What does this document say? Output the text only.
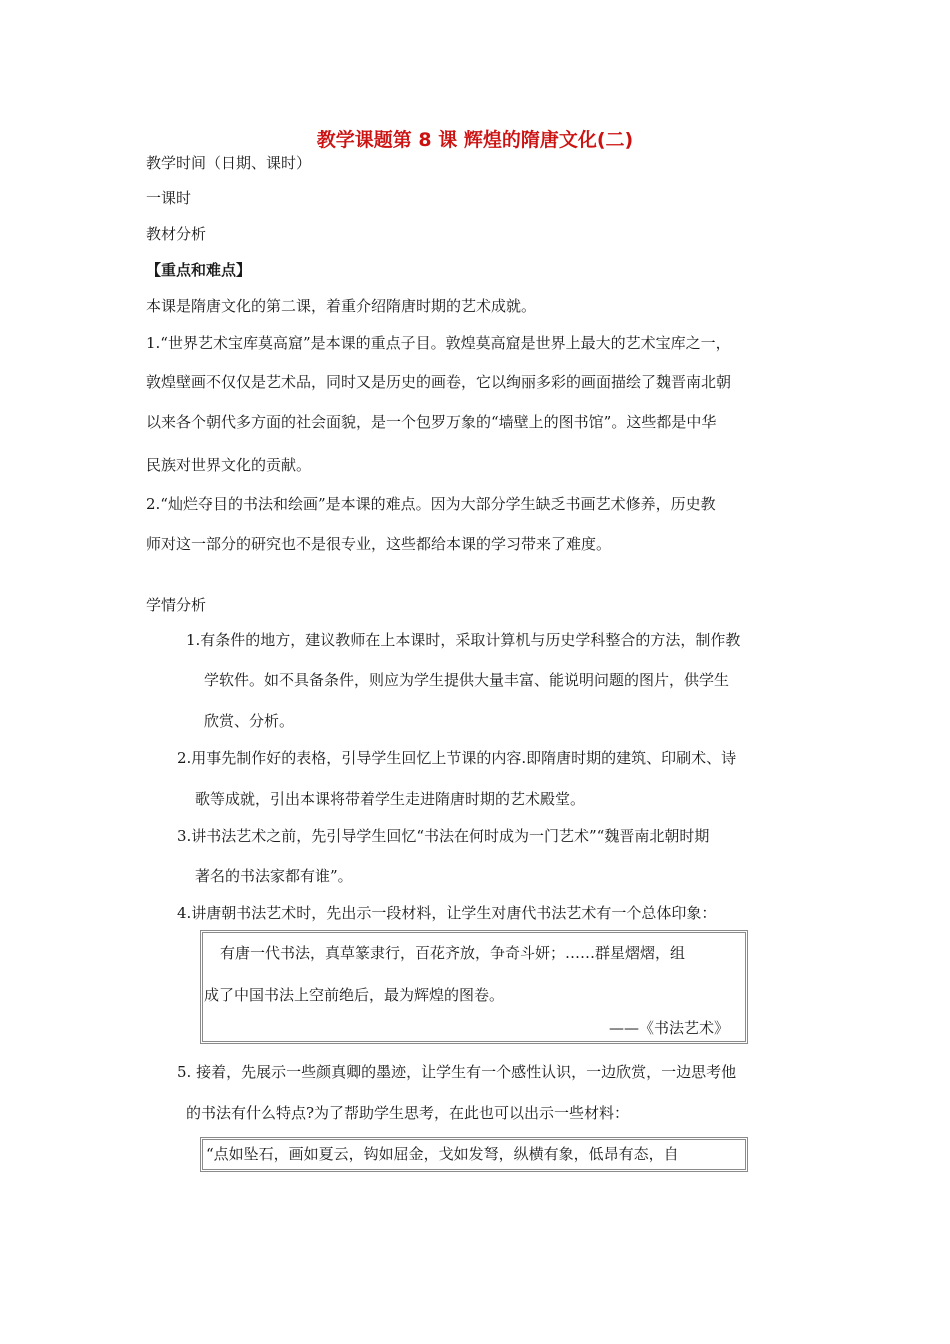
教学课题第 8 课 辉煌的隋唐文化(二)
教学时间（日期、课时）
一课时
教材分析
【重点和难点】
本课是隋唐文化的第二课，着重介绍隋唐时期的艺术成就。
1.“世界艺术宝库莫高窟”是本课的重点子目。敦煌莫高窟是世界上最大的艺术宝库之一，
敦煌壁画不仅仅是艺术品，同时又是历史的画卷，它以绚丽多彩的画面描绘了魏晋南北朝
以来各个朝代多方面的社会面貌，是一个包罗万象的“墙壁上的图书馆”。这些都是中华
民族对世界文化的贡献。
2.“灿烂夺目的书法和绘画”是本课的难点。因为大部分学生缺乏书画艺术修养，历史教
师对这一部分的研究也不是很专业，这些都给本课的学习带来了难度。
学情分析
1.有条件的地方，建议教师在上本课时，采取计算机与历史学科整合的方法，制作教
学软件。如不具备条件，则应为学生提供大量丰富、能说明问题的图片，供学生
欣赏、分析。
2.用事先制作好的表格，引导学生回忆上节课的内容.即隋唐时期的建筑、印刷术、诗
歌等成就，引出本课将带着学生走进隋唐时期的艺术殿堂。
3.讲书法艺术之前，先引导学生回忆“书法在何时成为一门艺术”“魏晋南北朝时期
著名的书法家都有谁”。
4.讲唐朝书法艺术时，先出示一段材料，让学生对唐代书法艺术有一个总体印象：
有唐一代书法，真草篆隶行，百花齐放，争奇斗妍；……群星熠熠，组
成了中国书法上空前绝后，最为辉煌的图卷。
——《书法艺术》
5. 接着，先展示一些颜真卿的墨迹，让学生有一个感性认识，一边欣赏，一边思考他
的书法有什么特点?为了帮助学生思考，在此也可以出示一些材料：
“点如坠石，画如夏云，钩如屈金，戈如发弩，纵横有象，低昂有态，自
